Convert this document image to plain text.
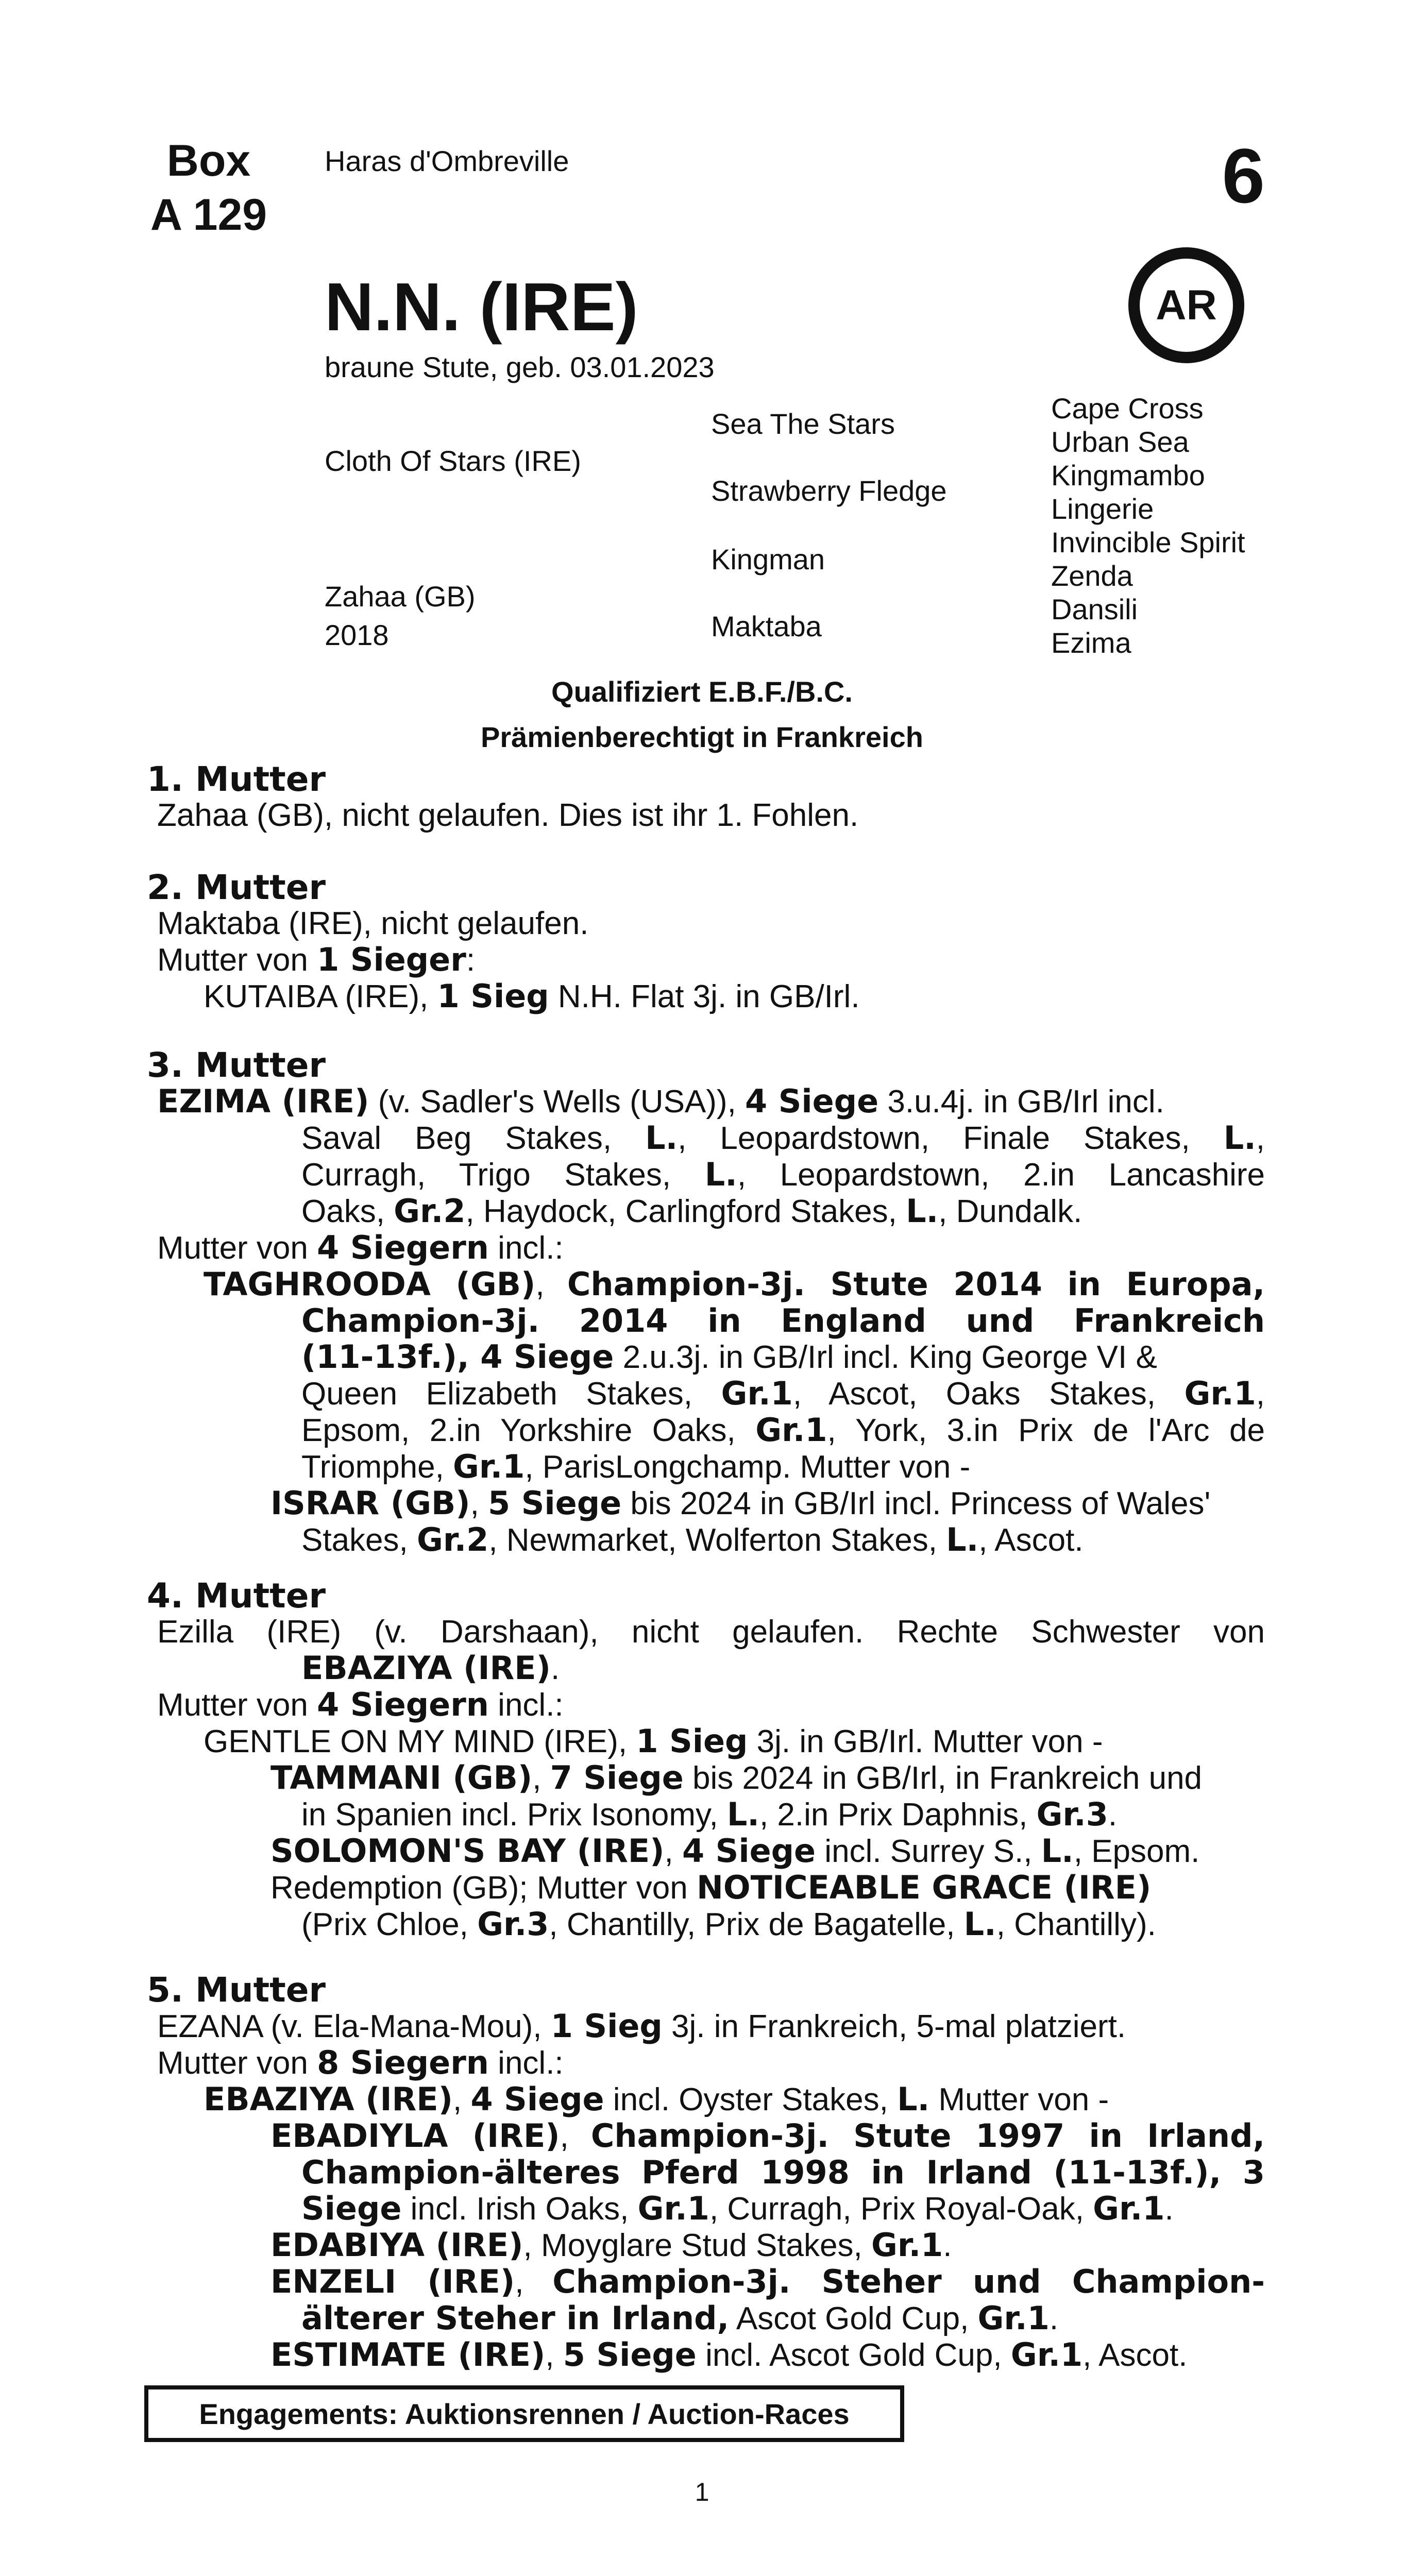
Box
A 129
Haras d'Ombreville	6
AR
N.N. (IRE)
braune Stute, geb. 03.01.2023
Cloth Of Stars (IRE)
Zahaa (GB)
2018
Sea The Stars
Strawberry Fledge
Kingman
Maktaba
Cape Cross
Urban Sea
Kingmambo
Lingerie
Invincible Spirit
Zenda
Dansili
Ezima
Qualifiziert E.B.F./B.C.
Prämienberechtigt in Frankreich
1. Mutter
Zahaa (GB), nicht gelaufen. Dies ist ihr 1. Fohlen.
2. Mutter
Maktaba (IRE), nicht gelaufen.
Mutter von 1 Sieger:
KUTAIBA (IRE), 1 Sieg N.H. Flat 3j. in GB/Irl.
3. Mutter
EZIMA (IRE) (v. Sadler's Wells (USA)), 4 Siege 3.u.4j. in GB/Irl incl.
Saval Beg Stakes, L., Leopardstown, Finale Stakes, L.,
Curragh, Trigo Stakes, L., Leopardstown, 2.in Lancashire
Oaks, Gr.2, Haydock, Carlingford Stakes, L., Dundalk.
Mutter von 4 Siegern incl.:
TAGHROODA (GB), Champion-3j. Stute 2014 in Europa,
Champion-3j. 2014 in England und Frankreich
(11-13f.), 4 Siege 2.u.3j. in GB/Irl incl. King George VI &
Queen Elizabeth Stakes, Gr.1, Ascot, Oaks Stakes, Gr.1,
Epsom, 2.in Yorkshire Oaks, Gr.1, York, 3.in Prix de l'Arc de
Triomphe, Gr.1, ParisLongchamp. Mutter von -
ISRAR (GB), 5 Siege bis 2024 in GB/Irl incl. Princess of Wales'
Stakes, Gr.2, Newmarket, Wolferton Stakes, L., Ascot.
4. Mutter
Ezilla (IRE) (v. Darshaan), nicht gelaufen. Rechte Schwester von
EBAZIYA (IRE).
Mutter von 4 Siegern incl.:
GENTLE ON MY MIND (IRE), 1 Sieg 3j. in GB/Irl. Mutter von -
TAMMANI (GB), 7 Siege bis 2024 in GB/Irl, in Frankreich und
in Spanien incl. Prix Isonomy, L., 2.in Prix Daphnis, Gr.3.
SOLOMON'S BAY (IRE), 4 Siege incl. Surrey S., L., Epsom.
Redemption (GB); Mutter von NOTICEABLE GRACE (IRE)
(Prix Chloe, Gr.3, Chantilly, Prix de Bagatelle, L., Chantilly).
5. Mutter
EZANA (v. Ela-Mana-Mou), 1 Sieg 3j. in Frankreich, 5-mal platziert.
Mutter von 8 Siegern incl.:
EBAZIYA (IRE), 4 Siege incl. Oyster Stakes, L. Mutter von -
EBADIYLA (IRE), Champion-3j. Stute 1997 in Irland,
Champion-älteres Pferd 1998 in Irland (11-13f.), 3
Siege incl. Irish Oaks, Gr.1, Curragh, Prix Royal-Oak, Gr.1.
EDABIYA (IRE), Moyglare Stud Stakes, Gr.1.
ENZELI (IRE), Champion-3j. Steher und Champion-
älterer Steher in Irland, Ascot Gold Cup, Gr.1.
ESTIMATE (IRE), 5 Siege incl. Ascot Gold Cup, Gr.1, Ascot.
Engagements: Auktionsrennen / Auction-Races
1
